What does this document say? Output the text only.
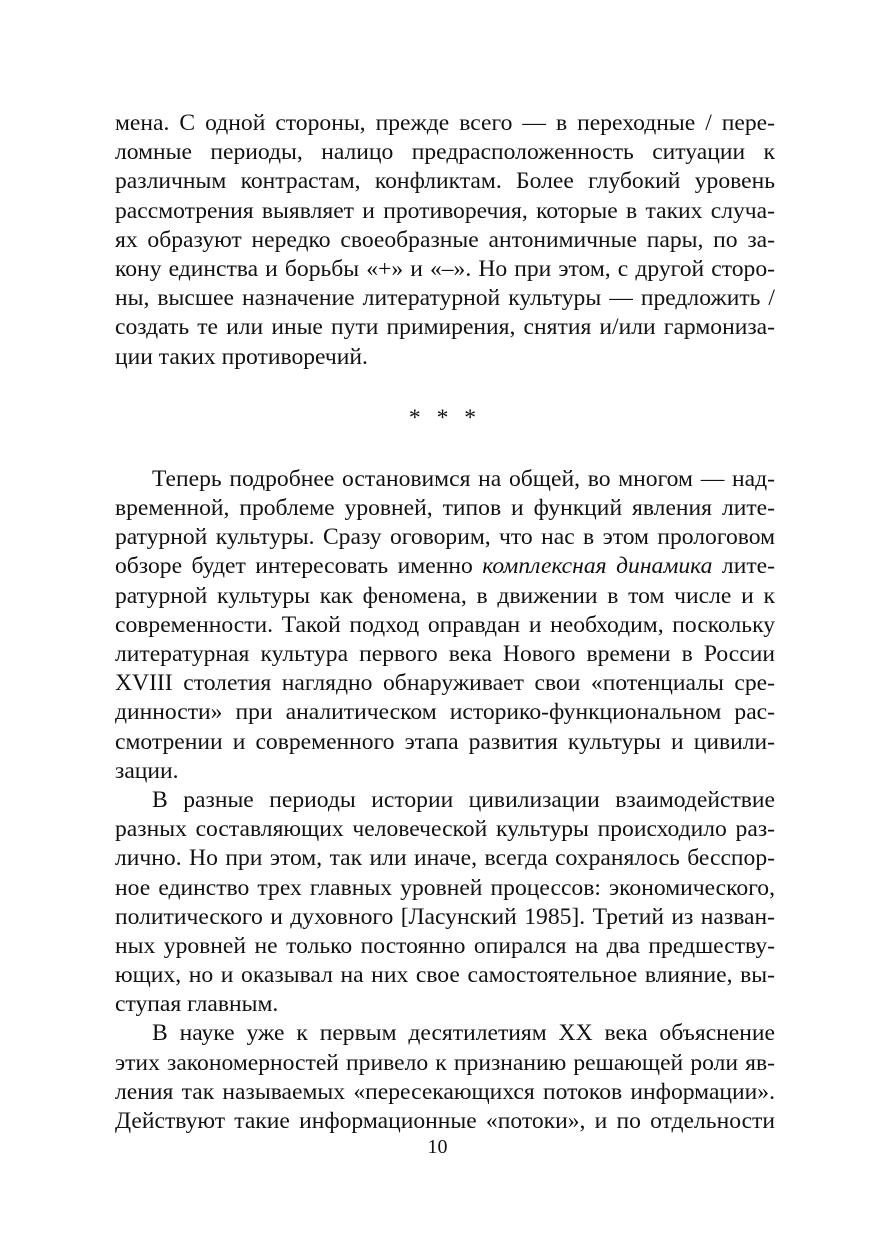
мена. С одной стороны, прежде всего — в переходные / пере-
ломные периоды, налицо предрасположенность ситуации к
различным контрастам, конфликтам. Более глубокий уровень
рассмотрения выявляет и противоречия, которые в таких случа-
ях образуют нередко своеобразные антонимичные пары, по за-
кону единства и борьбы «+» и «–». Но при этом, с другой сторо-
ны, высшее назначение литературной культуры — предложить /
создать те или иные пути примирения, снятия и/или гармониза-
ции таких противоречий.
* * *
Теперь подробнее остановимся на общей, во многом — над-
временной, проблеме уровней, типов и функций явления лите-
ратурной культуры. Сразу оговорим, что нас в этом прологовом
обзоре будет интересовать именно комплексная динамика лите-
ратурной культуры как феномена, в движении в том числе и к
современности. Такой подход оправдан и необходим, поскольку
литературная культура первого века Нового времени в России
XVIII столетия наглядно обнаруживает свои «потенциалы сре-
динности» при аналитическом историко-функциональном рас-
смотрении и современного этапа развития культуры и цивили-
зации.
В разные периоды истории цивилизации взаимодействие
разных составляющих человеческой культуры происходило раз-
лично. Но при этом, так или иначе, всегда сохранялось бесспор-
ное единство трех главных уровней процессов: экономического,
политического и духовного [Ласунский 1985]. Третий из назван-
ных уровней не только постоянно опирался на два предшеству-
ющих, но и оказывал на них свое самостоятельное влияние, вы-
ступая главным.
В науке уже к первым десятилетиям XX века объяснение
этих закономерностей привело к признанию решающей роли яв-
ления так называемых «пересекающихся потоков информации».
Действуют такие информационные «потоки», и по отдельности
10
